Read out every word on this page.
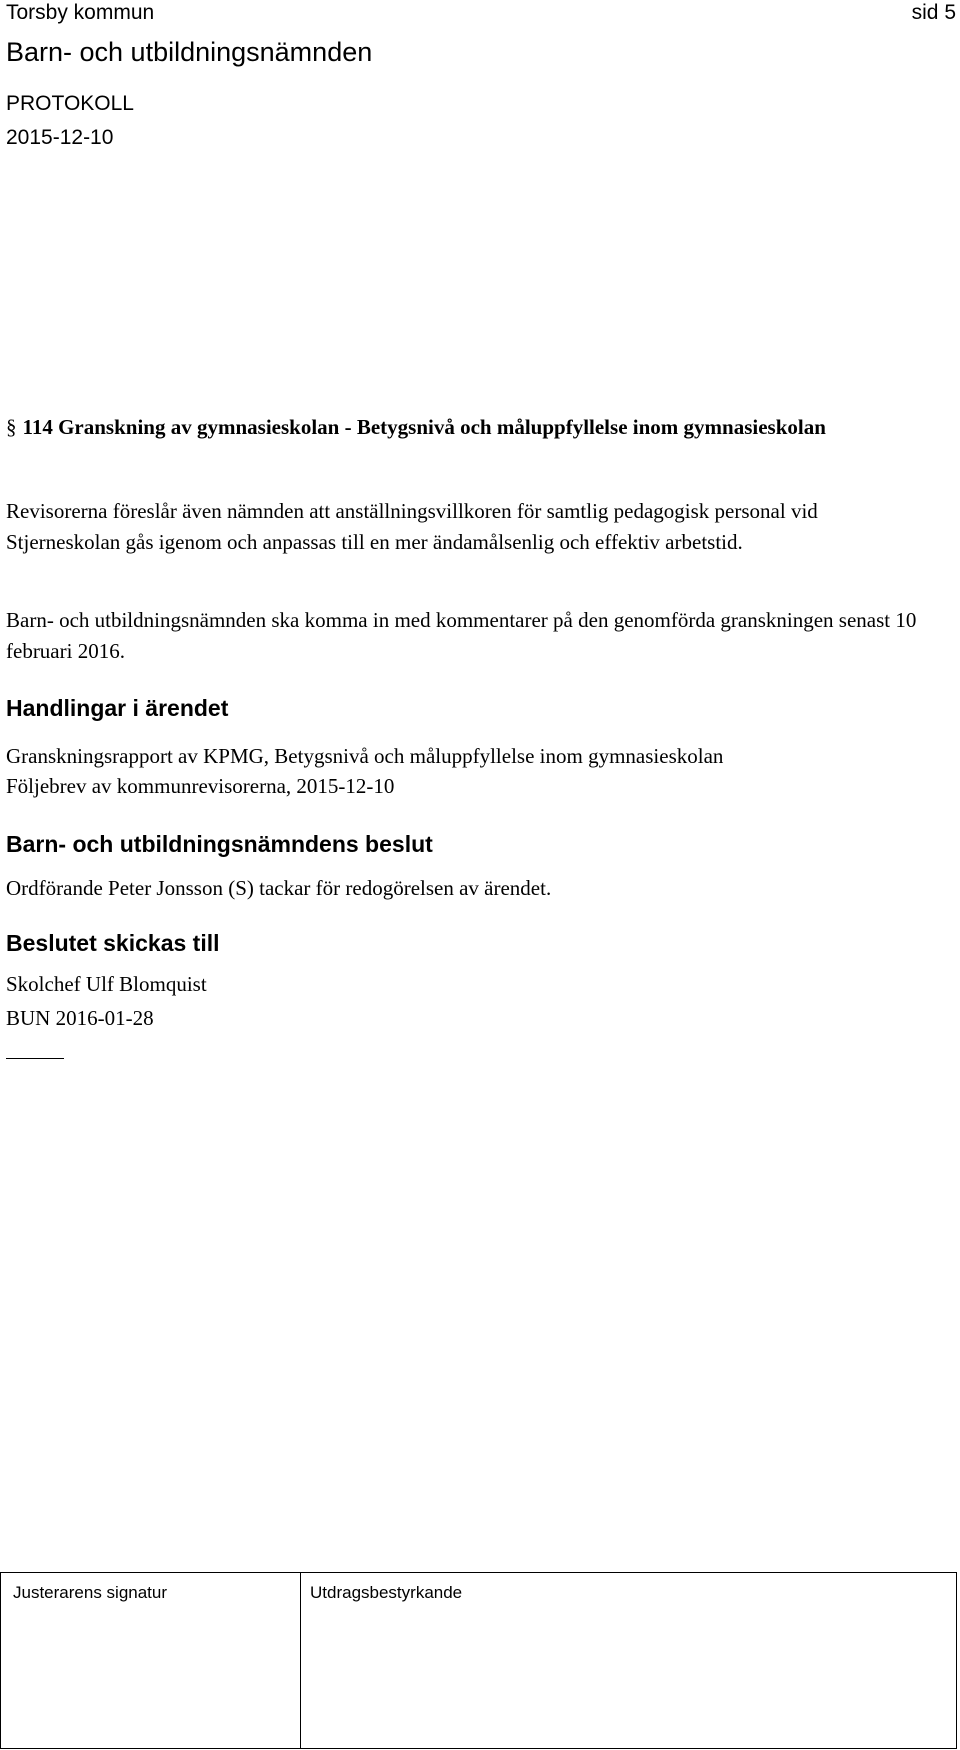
Torsby kommun	sid 5
Barn- och utbildningsnämnden
PROTOKOLL
2015-12-10
§ 114 Granskning av gymnasieskolan - Betygsnivå och måluppfyllelse inom gymnasieskolan
Revisorerna föreslår även nämnden att anställningsvillkoren för samtlig pedagogisk personal vid Stjerneskolan gås igenom och anpassas till en mer ändamålsenlig och effektiv arbetstid.
Barn- och utbildningsnämnden ska komma in med kommentarer på den genomförda granskningen senast 10 februari 2016.
Handlingar i ärendet
Granskningsrapport av KPMG, Betygsnivå och måluppfyllelse inom gymnasieskolan
Följebrev av kommunrevisorerna, 2015-12-10
Barn- och utbildningsnämndens beslut
Ordförande Peter Jonsson (S) tackar för redogörelsen av ärendet.
Beslutet skickas till
Skolchef Ulf Blomquist
BUN 2016-01-28
Justerarens signatur	Utdragsbestyrkande
